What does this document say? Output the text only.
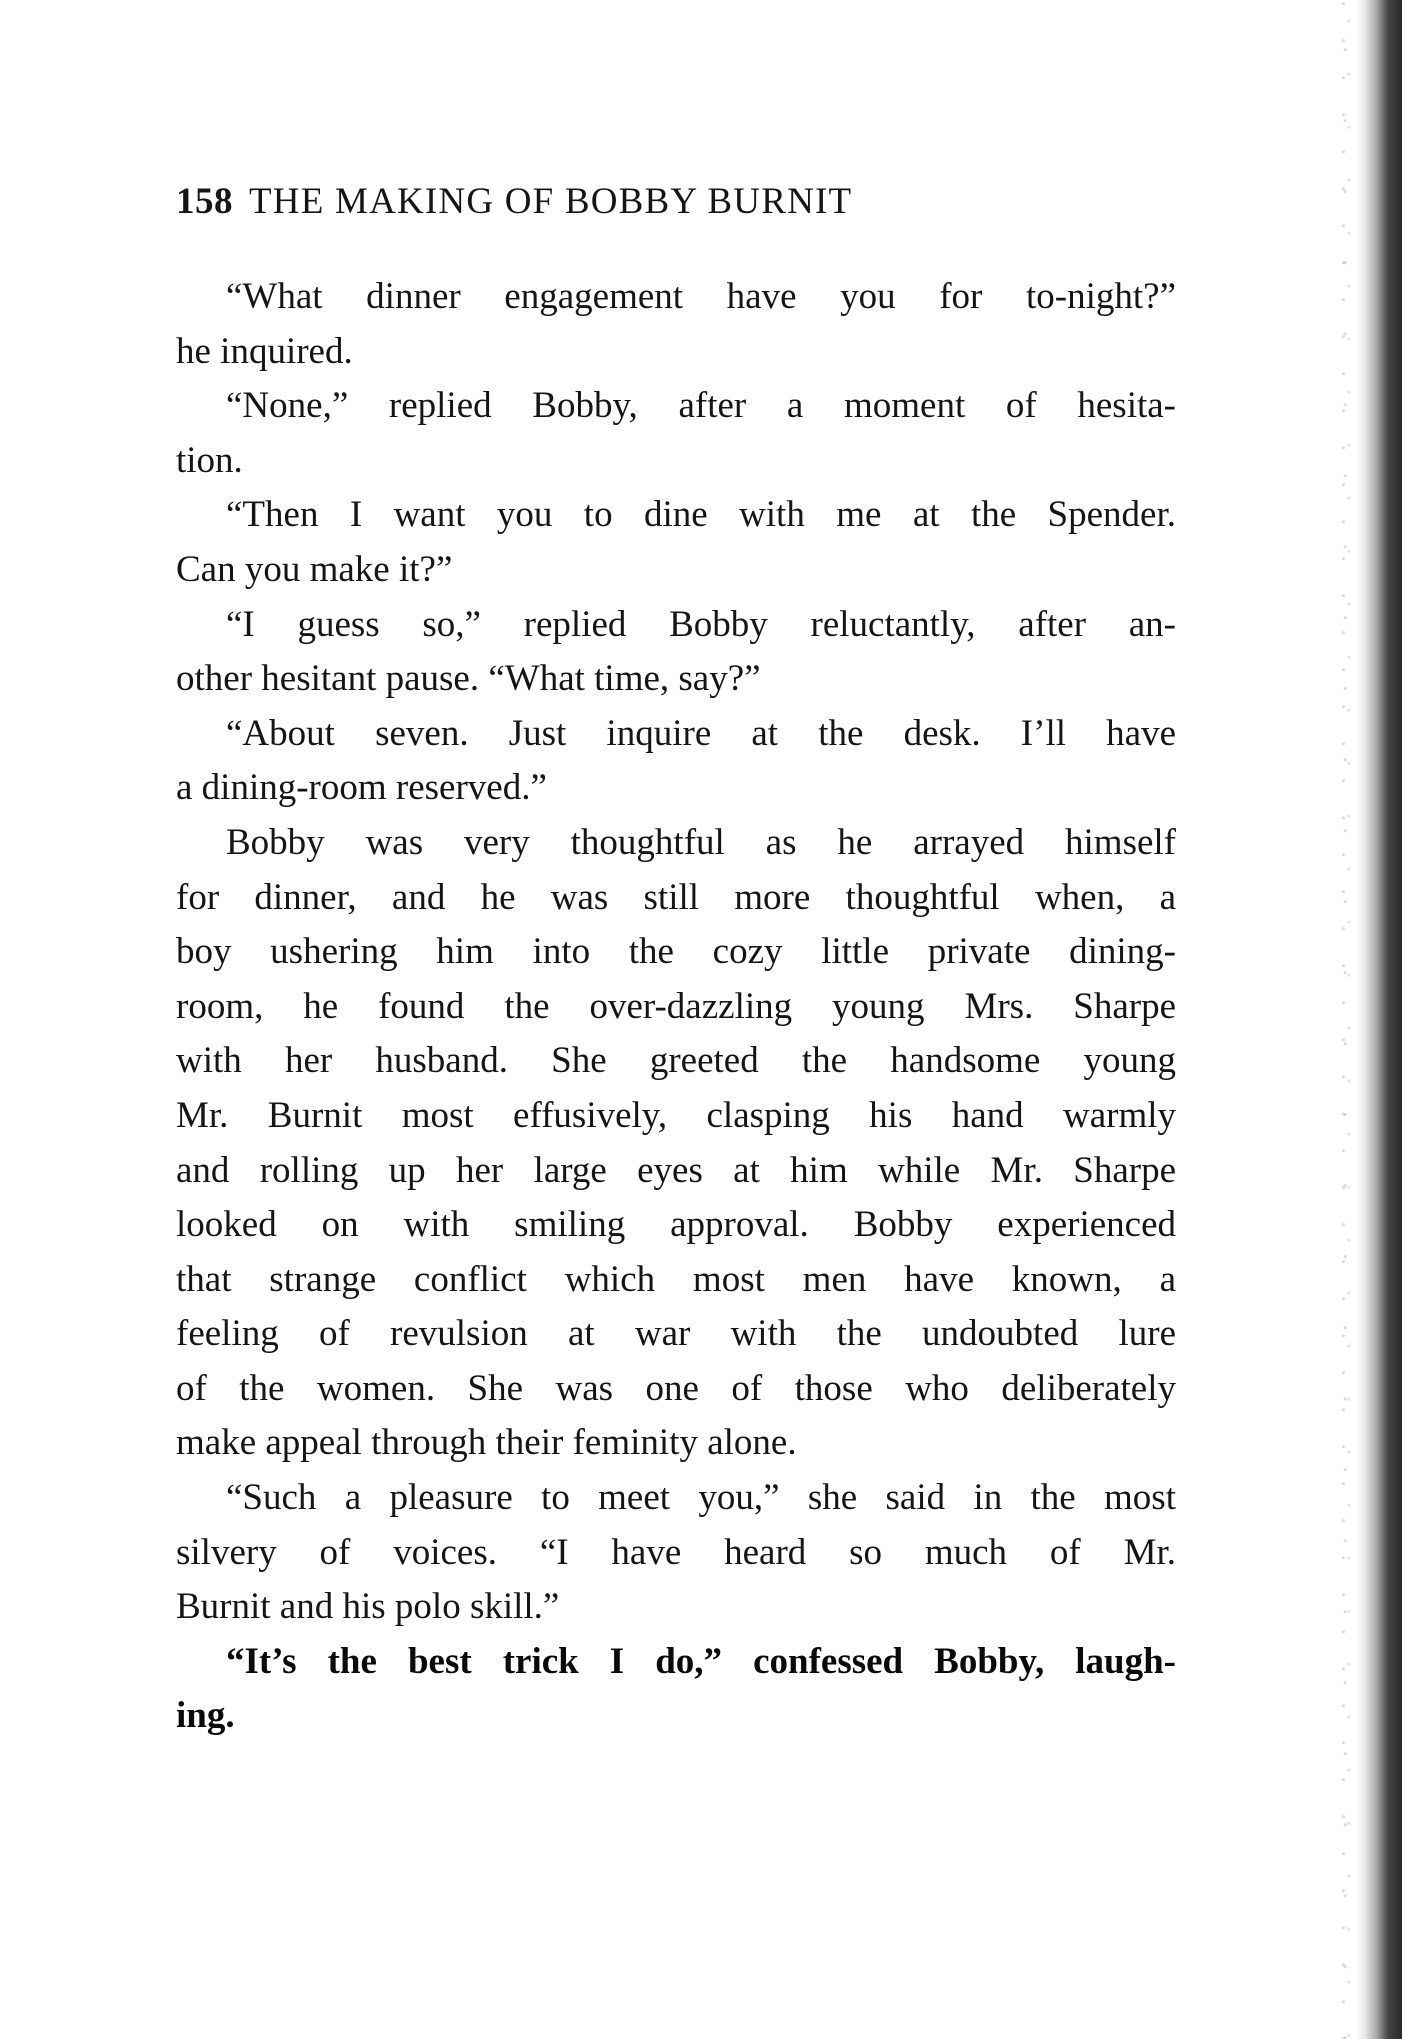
158 THE MAKING OF BOBBY BURNIT

“What dinner engagement have you for to-night?”
he inquired.

“None,” replied Bobby, after a moment of hesita-
tion.

“Then I want you to dine with me at the Spender.
Can you make it?”

“I guess so,” replied Bobby reluctantly, after an-
other hesitant pause. “What time, say?”

“About seven. Just inquire at the desk. I’ll have
a dining-room reserved.”

Bobby was very thoughtful as he arrayed himself
for dinner, and he was still more thoughtful when, a
boy ushering him into the cozy little private dining-
room, he found the over-dazzling young Mrs. Sharpe
with her husband. She greeted the handsome young
Mr. Burnit most effusively, clasping his hand warmly
and rolling up her large eyes at him while Mr. Sharpe
looked on with smiling approval. Bobby experienced
that strange conflict which most men have known, a
feeling of revulsion at war with the undoubted lure
of the women. She was one of those who deliberately
make appeal through their feminity alone.

“Such a pleasure to meet you,” she said in the most
silvery of voices. “I have heard so much of Mr.
Burnit and his polo skill.”

“It’s the best trick I do,” confessed Bobby, laugh-
ing.
